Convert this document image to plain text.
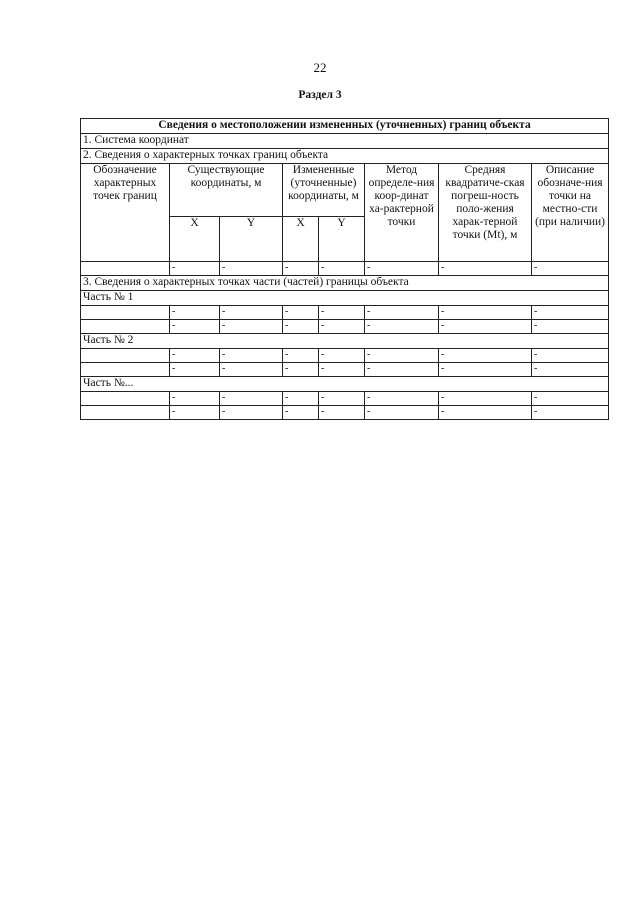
22
Раздел 3
Сведения о местоположении измененных (уточненных) границ объекта							
1. Система координат							
2. Сведения о характерных точках границ объекта							
Обозначение характерных точек границ	Существующие координаты, м		Измененные (уточненные) координаты, м		Метод определе-ния коор-динат ха-рактерной точки	Средняя квадратиче-ская погреш-ность поло-жения харак-терной точки (Mt), м	Описание обозначе-ния точки на местно-сти (при наличии)
	X	Y	X	Y			
	-	-	-	-	-	-	-
3. Сведения о характерных точках части (частей) границы объекта							
Часть № 1							
	-	-	-	-	-	-	-
	-	-	-	-	-	-	-
Часть № 2							
	-	-	-	-	-	-	-
	-	-	-	-	-	-	-
Часть №...							
	-	-	-	-	-	-	-
	-	-	-	-	-	-	-
